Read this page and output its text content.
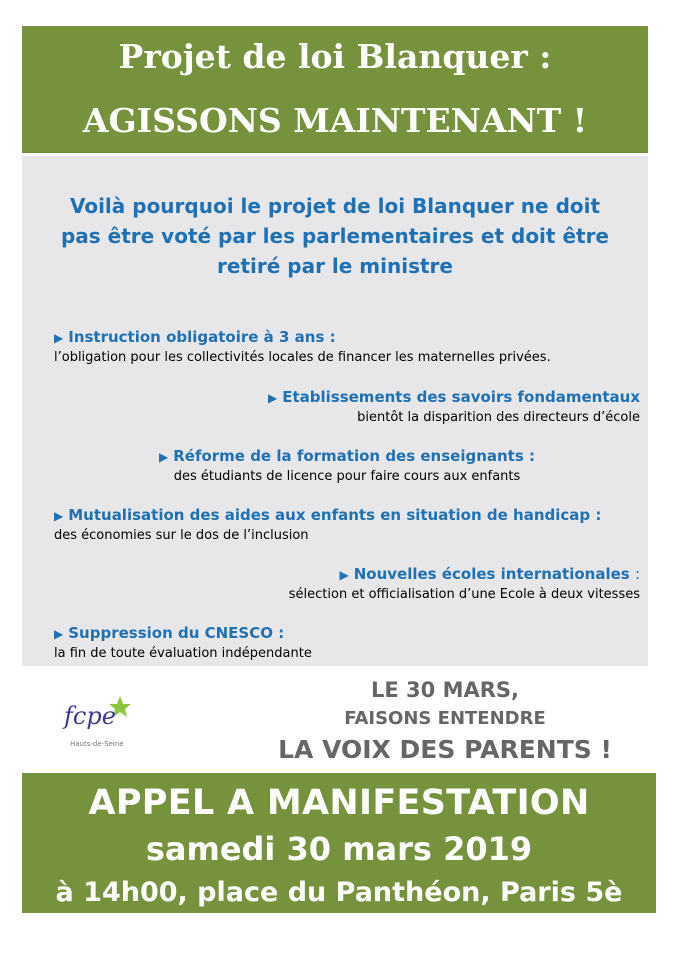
Projet de loi Blanquer :
AGISSONS MAINTENANT !
Voilà pourquoi le projet de loi Blanquer ne doit
pas être voté par les parlementaires et doit être
retiré par le ministre
▶ Instruction obligatoire à 3 ans :
l’obligation pour les collectivités locales de financer les maternelles privées.
▶ Etablissements des savoirs fondamentaux
bientôt la disparition des directeurs d’école
▶ Réforme de la formation des enseignants :
des étudiants de licence pour faire cours aux enfants
▶ Mutualisation des aides aux enfants en situation de handicap :
des économies sur le dos de l’inclusion
▶ Nouvelles écoles internationales :
sélection et officialisation d’une Ecole à deux vitesses
▶ Suppression du CNESCO :
la fin de toute évaluation indépendante
fcpe
Hauts-de-Seine
LE 30 MARS,
FAISONS ENTENDRE
LA VOIX DES PARENTS !
APPEL A MANIFESTATION
samedi 30 mars 2019
à 14h00, place du Panthéon, Paris 5è
